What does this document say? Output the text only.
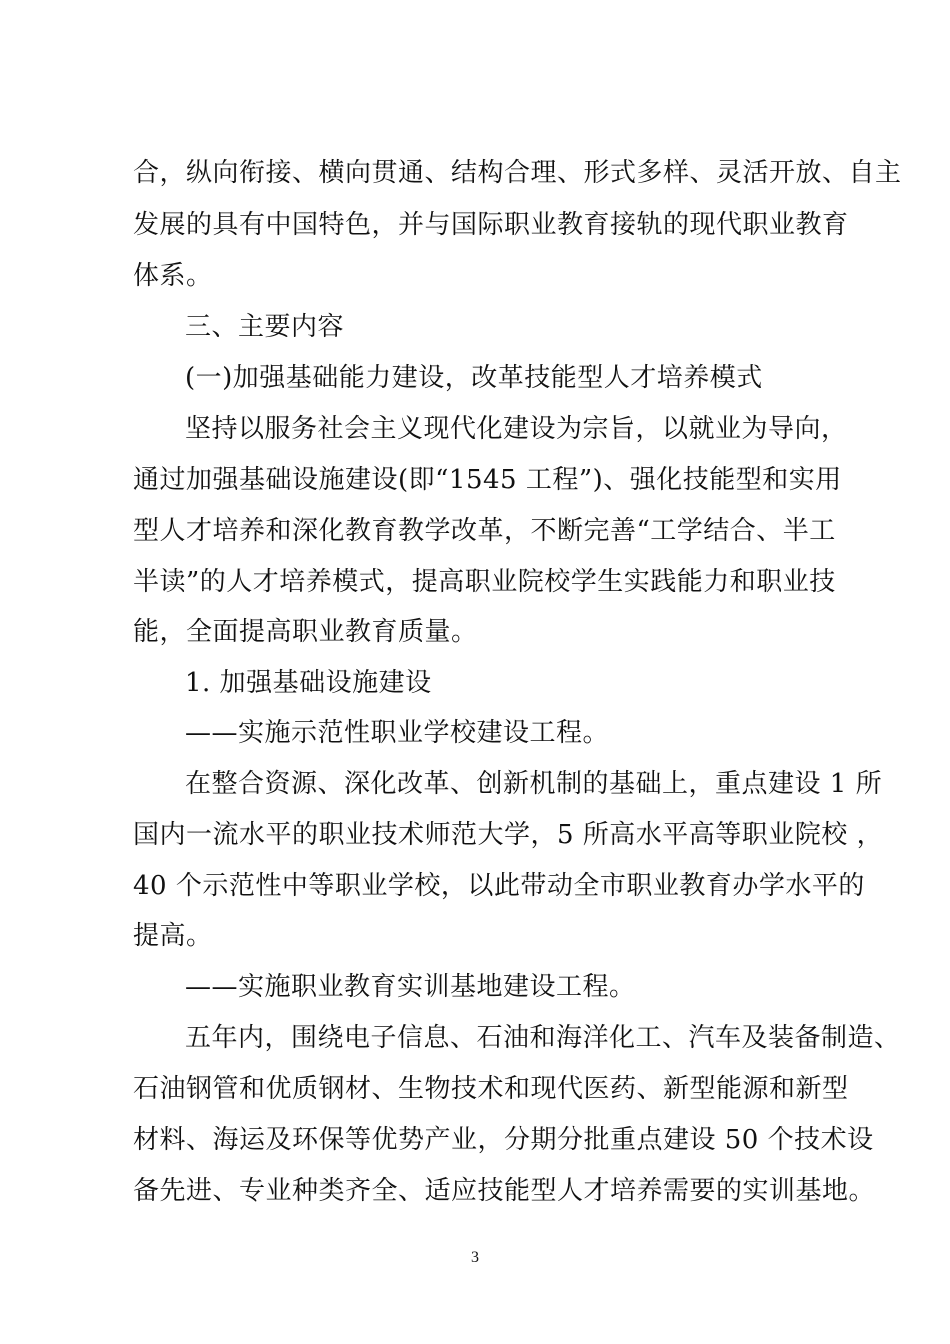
合，纵向衔接、横向贯通、结构合理、形式多样、灵活开放、自主
发展的具有中国特色，并与国际职业教育接轨的现代职业教育
体系。
三、主要内容
(一)加强基础能力建设，改革技能型人才培养模式
坚持以服务社会主义现代化建设为宗旨，以就业为导向，
通过加强基础设施建设(即“1545 工程”)、强化技能型和实用
型人才培养和深化教育教学改革，不断完善“工学结合、半工
半读”的人才培养模式，提高职业院校学生实践能力和职业技
能，全面提高职业教育质量。
1. 加强基础设施建设
——实施示范性职业学校建设工程。
在整合资源、深化改革、创新机制的基础上，重点建设 1 所
国内一流水平的职业技术师范大学，5 所高水平高等职业院校 ，
40 个示范性中等职业学校，以此带动全市职业教育办学水平的
提高。
——实施职业教育实训基地建设工程。
五年内，围绕电子信息、石油和海洋化工、汽车及装备制造、
石油钢管和优质钢材、生物技术和现代医药、新型能源和新型
材料、海运及环保等优势产业，分期分批重点建设 50 个技术设
备先进、专业种类齐全、适应技能型人才培养需要的实训基地。
3
